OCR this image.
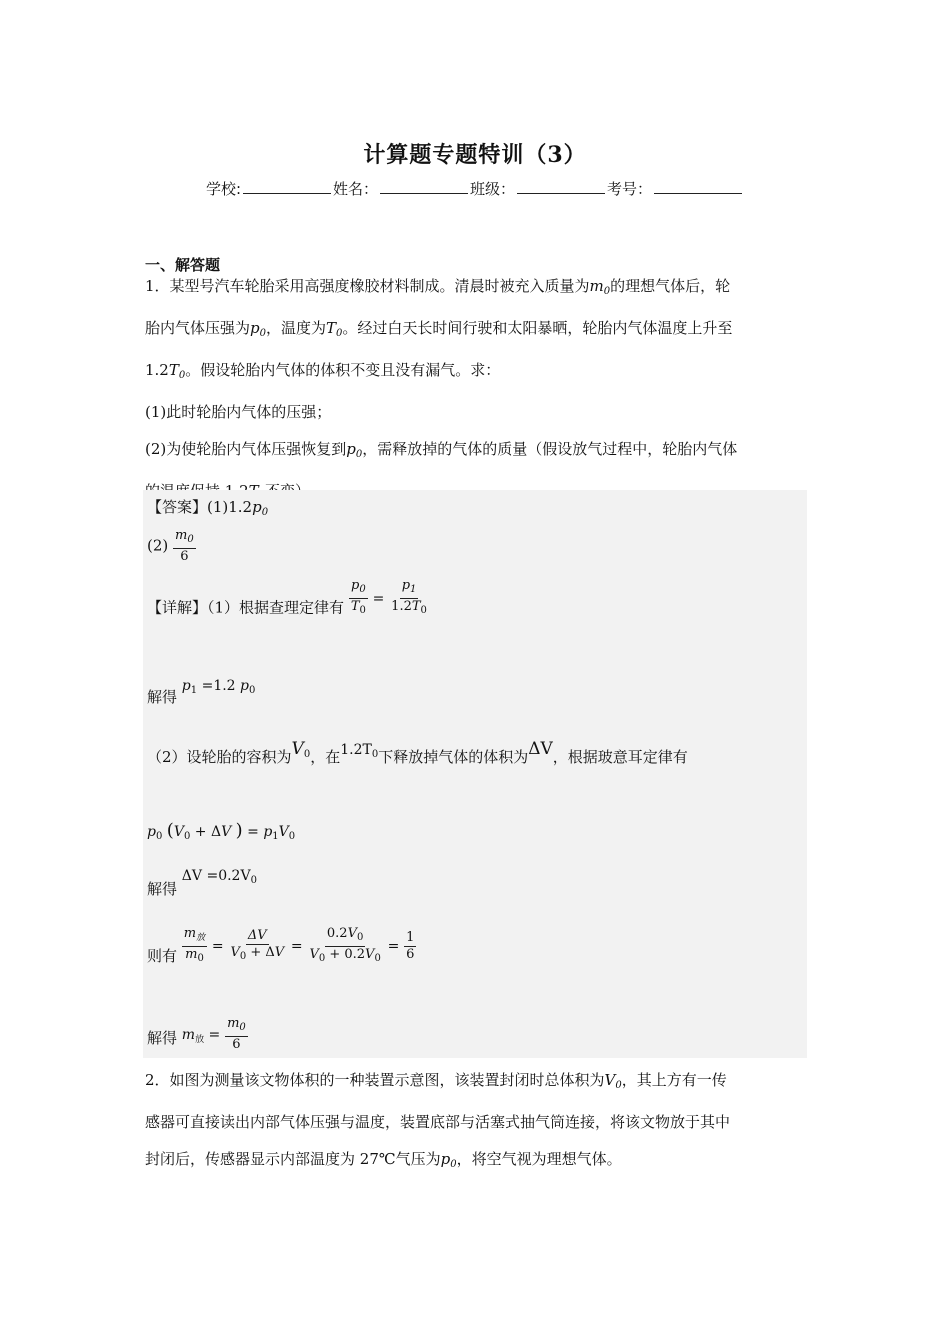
计算题专题特训（3）
学校:	姓名：	班级：	考号：
一、解答题

1．某型号汽车轮胎采用高强度橡胶材料制成。清晨时被充入质量为$m_0$的理想气体后，轮

胎内气体压强为$p_0$，温度为$T_0$。经过白天长时间行驶和太阳暴晒，轮胎内气体温度上升至

$1.2T_0$。假设轮胎内气体的体积不变且没有漏气。求：

(1)此时轮胎内气体的压强；

(2)为使轮胎内气体压强恢复到$p_0$，需释放掉的气体的质量（假设放气过程中，轮胎内气体

【答案】$(1)1.2p_0$
$(2) \frac{m_0}{6}$
【详解】（1）根据查理定律有 $\frac{p_0}{T_0} = \frac{p_1}{1.2T_0}$
解得 $p_1 =1.2$ $p_0$
（2）设轮胎的容积为$V_0$，在$1.2T_0$下释放掉气体的体积为ΔV，根据玻意耳定律有
$p_0$ ($V_0 + \Delta V$ ) = $p_1V_0$
解得 $\Delta V =0.2V_0$
则有 $\frac{m_放}{m_0} = \frac{\Delta V}{V_0 + \Delta V} = \frac{0.2V_0}{V_0 + 0.2V_0} = \frac{1}{6}$
解得 $m_放 = \frac{m_0}{6}$

2．如图为测量该文物体积的一种装置示意图，该装置封闭时总体积为$V_0$，其上方有一传

感器可直接读出内部气体压强与温度，装置底部与活塞式抽气筒连接，将该文物放于其中

封闭后，传感器显示内部温度为 27℃气压为$p_0$，将空气视为理想气体。
